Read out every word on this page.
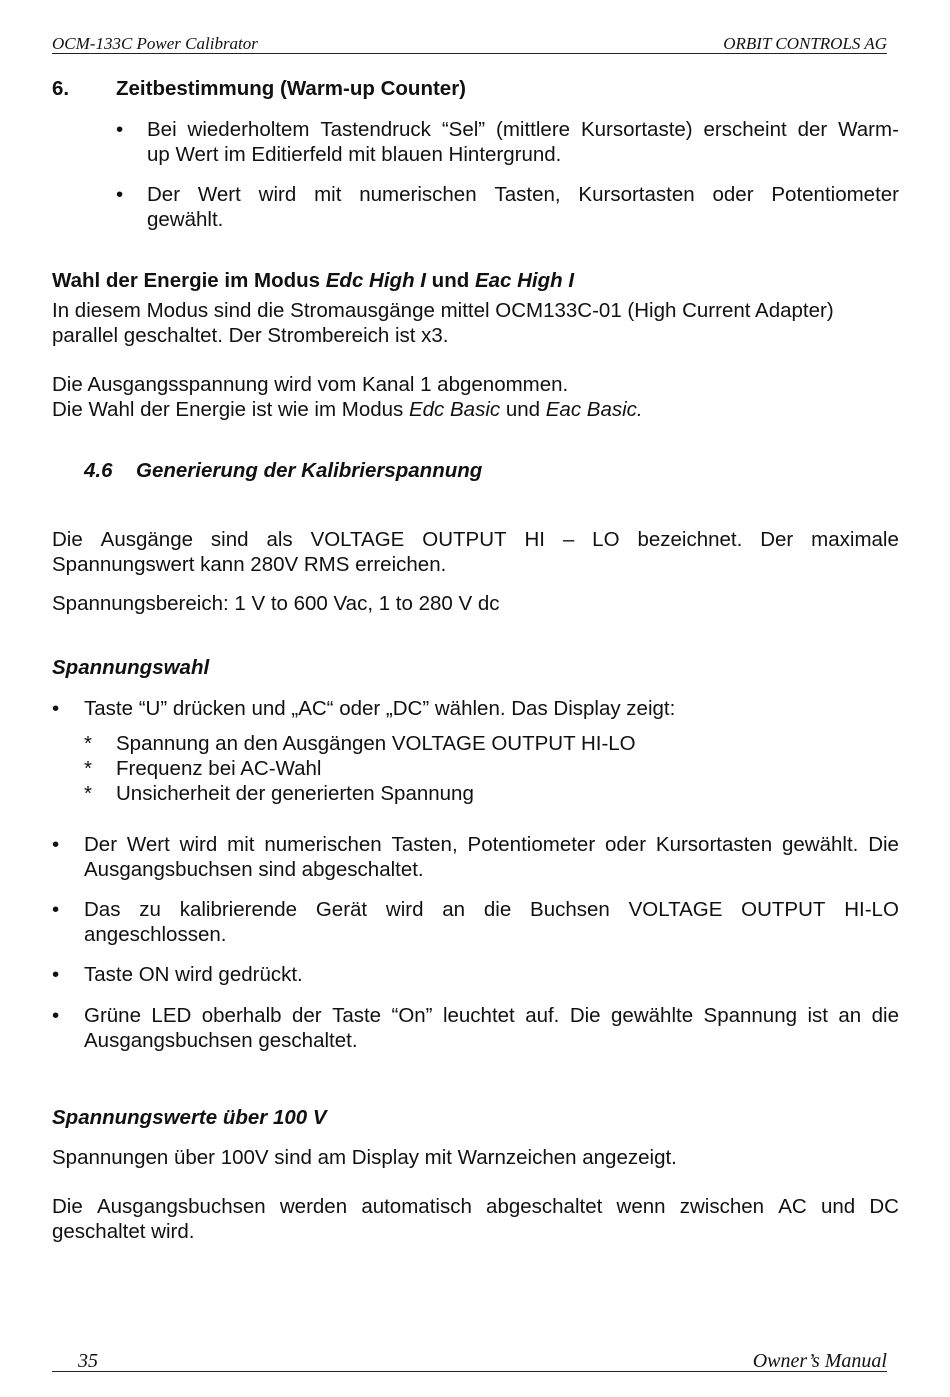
OCM-133C Power Calibrator	ORBIT CONTROLS AG
6. Zeitbestimmung (Warm-up Counter)
• Bei wiederholtem Tastendruck “Sel” (mittlere Kursortaste) erscheint der Warm-
up Wert im Editierfeld mit blauen Hintergrund.
• Der Wert wird mit numerischen Tasten, Kursortasten oder Potentiometer
gewählt.
Wahl der Energie im Modus Edc High I und Eac High I
In diesem Modus sind die Stromausgänge mittel OCM133C-01 (High Current Adapter)
parallel geschaltet. Der Strombereich ist x3.
Die Ausgangsspannung wird vom Kanal 1 abgenommen.
Die Wahl der Energie ist wie im Modus Edc Basic und Eac Basic.
4.6 Generierung der Kalibrierspannung
Die Ausgänge sind als VOLTAGE OUTPUT HI – LO bezeichnet. Der maximale
Spannungswert kann 280V RMS erreichen.
Spannungsbereich: 1 V to 600 Vac, 1 to 280 V dc
Spannungswahl
• Taste “U” drücken und „AC“ oder „DC” wählen. Das Display zeigt:
* Spannung an den Ausgängen VOLTAGE OUTPUT HI-LO
* Frequenz bei AC-Wahl
* Unsicherheit der generierten Spannung
• Der Wert wird mit numerischen Tasten, Potentiometer oder Kursortasten gewählt. Die
Ausgangsbuchsen sind abgeschaltet.
• Das zu kalibrierende Gerät wird an die Buchsen VOLTAGE OUTPUT HI-LO
angeschlossen.
• Taste ON wird gedrückt.
• Grüne LED oberhalb der Taste “On” leuchtet auf. Die gewählte Spannung ist an die
Ausgangsbuchsen geschaltet.
Spannungswerte über 100 V
Spannungen über 100V sind am Display mit Warnzeichen angezeigt.
Die Ausgangsbuchsen werden automatisch abgeschaltet wenn zwischen AC und DC
geschaltet wird.
35	Owner’s Manual
